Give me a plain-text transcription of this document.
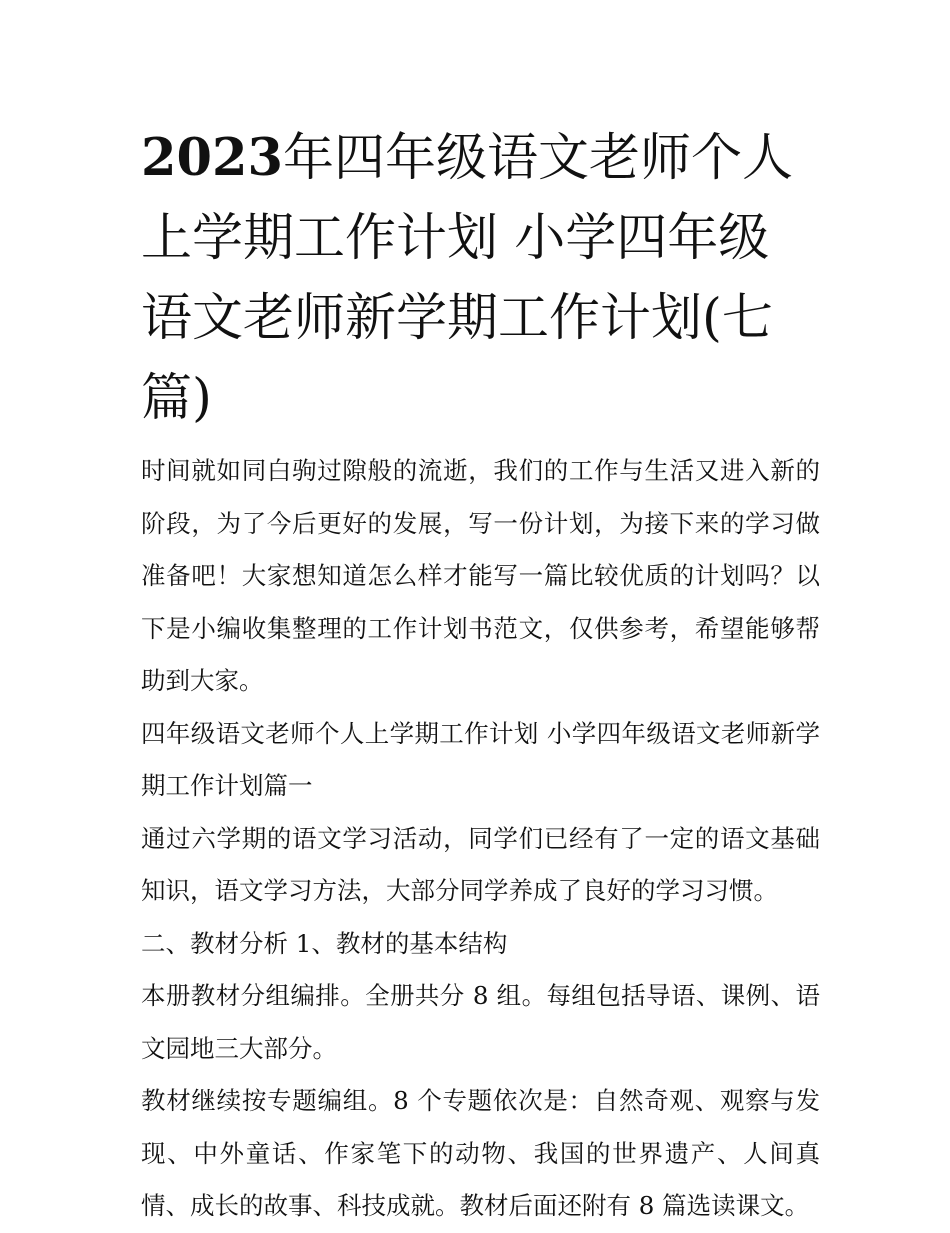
2023年四年级语文老师个人上学期工作计划 小学四年级语文老师新学期工作计划(七篇)

时间就如同白驹过隙般的流逝，我们的工作与生活又进入新的阶段，为了今后更好的发展，写一份计划，为接下来的学习做准备吧！大家想知道怎么样才能写一篇比较优质的计划吗？以下是小编收集整理的工作计划书范文，仅供参考，希望能够帮助到大家。

四年级语文老师个人上学期工作计划 小学四年级语文老师新学期工作计划篇一

通过六学期的语文学习活动，同学们已经有了一定的语文基础知识，语文学习方法，大部分同学养成了良好的学习习惯。

二、教材分析 1、教材的基本结构

本册教材分组编排。全册共分 8 组。每组包括导语、课例、语文园地三大部分。

教材继续按专题编组。8 个专题依次是：自然奇观、观察与发现、中外童话、作家笔下的动物、我国的世界遗产、人间真情、成长的故事、科技成就。教材后面还附有 8 篇选读课文。
